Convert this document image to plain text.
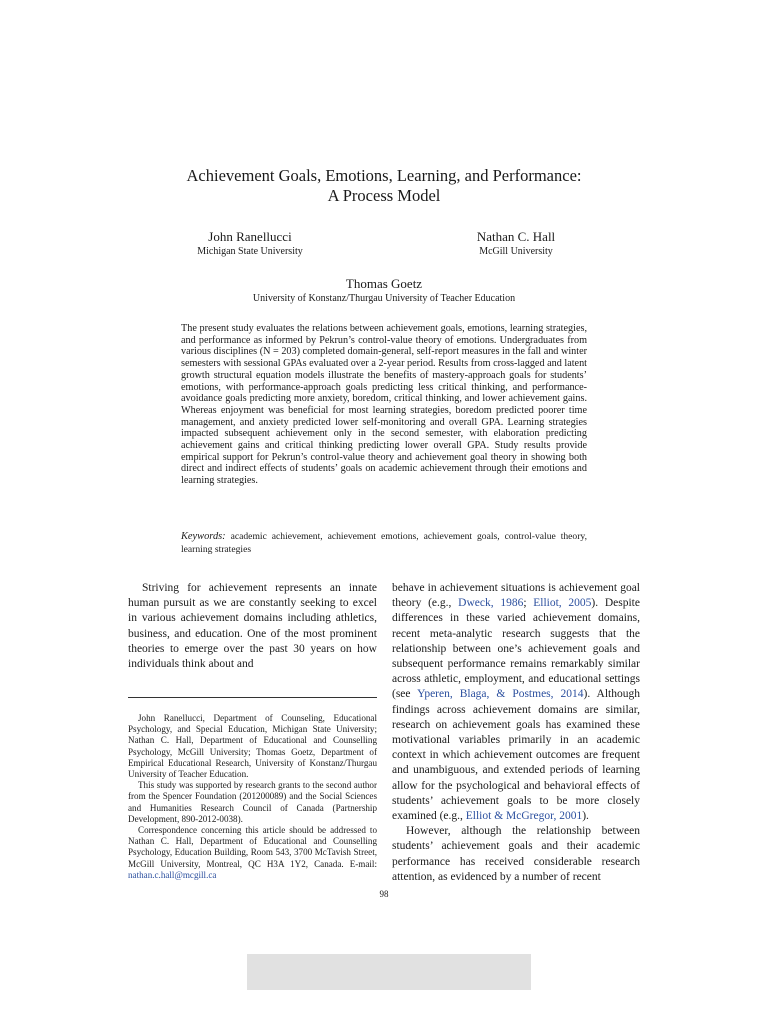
Achievement Goals, Emotions, Learning, and Performance:
A Process Model
John Ranellucci
Michigan State University
Nathan C. Hall
McGill University
Thomas Goetz
University of Konstanz/Thurgau University of Teacher Education
The present study evaluates the relations between achievement goals, emotions, learning strategies, and performance as informed by Pekrun’s control-value theory of emotions. Undergraduates from various disciplines (N = 203) completed domain-general, self-report measures in the fall and winter semesters with sessional GPAs evaluated over a 2-year period. Results from cross-lagged and latent growth structural equation models illustrate the benefits of mastery-approach goals for students’ emotions, with performance-approach goals predicting less critical thinking, and performance-avoidance goals predicting more anxiety, boredom, critical thinking, and lower achievement gains. Whereas enjoyment was beneficial for most learning strategies, boredom predicted poorer time management, and anxiety predicted lower self-monitoring and overall GPA. Learning strategies impacted subsequent achievement only in the second semester, with elaboration predicting achievement gains and critical thinking predicting lower overall GPA. Study results provide empirical support for Pekrun’s control-value theory and achievement goal theory in showing both direct and indirect effects of students’ goals on academic achievement through their emotions and learning strategies.
Keywords: academic achievement, achievement emotions, achievement goals, control-value theory, learning strategies

Striving for achievement represents an innate human pursuit as we are constantly seeking to excel in various achievement domains including athletics, business, and education. One of the most prominent theories to emerge over the past 30 years on how individuals think about and

John Ranellucci, Department of Counseling, Educational Psychology, and Special Education, Michigan State University; Nathan C. Hall, Department of Educational and Counselling Psychology, McGill University; Thomas Goetz, Department of Empirical Educational Research, University of Konstanz/Thurgau University of Teacher Education.

This study was supported by research grants to the second author from the Spencer Foundation (201200089) and the Social Sciences and Humanities Research Council of Canada (Partnership Development, 890-2012-0038).

Correspondence concerning this article should be addressed to Nathan C. Hall, Department of Educational and Counselling Psychology, Education Building, Room 543, 3700 McTavish Street, McGill University, Montreal, QC H3A 1Y2, Canada. E-mail: nathan.c.hall@mcgill.ca

behave in achievement situations is achievement goal theory (e.g., Dweck, 1986; Elliot, 2005). Despite differences in these varied achievement domains, recent meta-analytic research suggests that the relationship between one’s achievement goals and subsequent performance remains remarkably similar across athletic, employment, and educational settings (see Yperen, Blaga, & Postmes, 2014). Although findings across achievement domains are similar, research on achievement goals has examined these motivational variables primarily in an academic context in which achievement outcomes are frequent and unambiguous, and extended periods of learning allow for the psychological and behavioral effects of students’ achievement goals to be more closely examined (e.g., Elliot & McGregor, 2001).

However, although the relationship between students’ achievement goals and their academic performance has received considerable research attention, as evidenced by a number of recent

98
